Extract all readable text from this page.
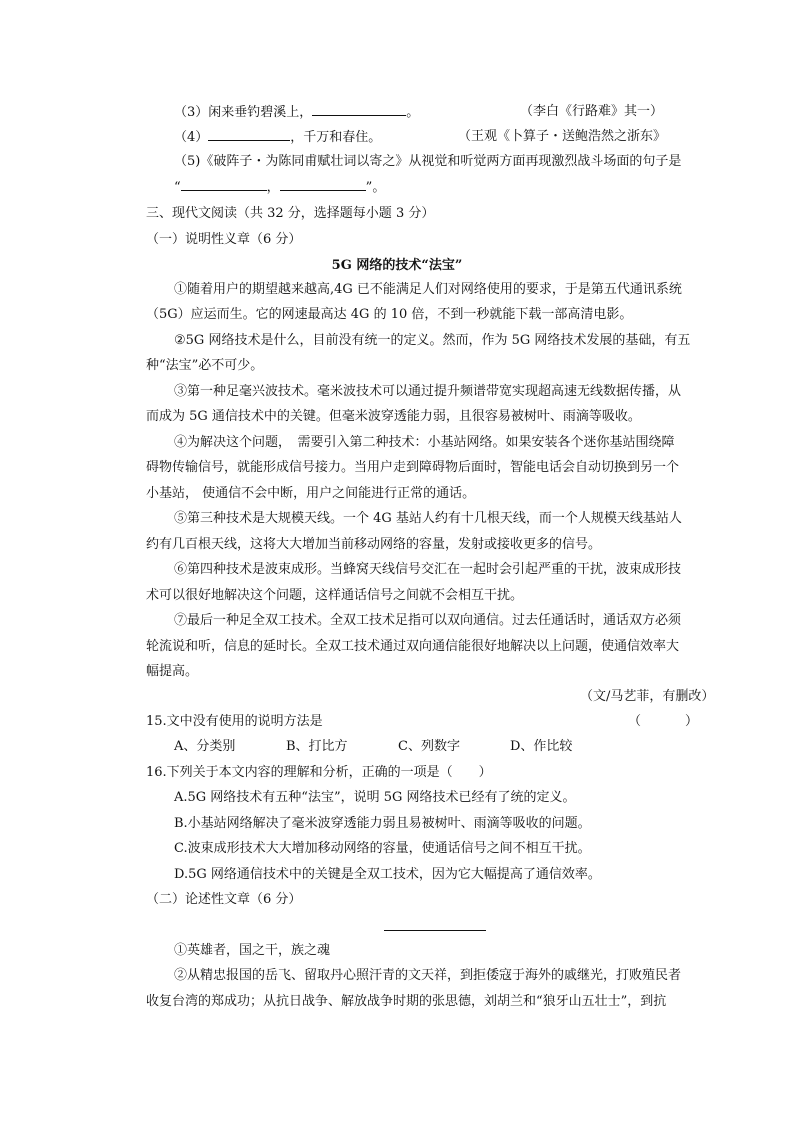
（3）闲来垂钓碧溪上，	。	（李白《行路难》其一）
（4）	，千万和春住。	（王观《卜算子・送鲍浩然之浙东》
（5)《破阵子・为陈同甫赋壮词以寄之》从视觉和听觉两方面再现激烈战斗场面的句子是
“	，	”。
三、现代文阅读（共 32 分，选择题每小题 3 分）
（一）说明性义章（6 分）
5G 网络的技术“法宝”
①随着用户的期望越来越高,4G 已不能满足人们对网络使用的要求，于是第五代通讯系统
（5G）应运而生。它的网速最高达 4G 的 10 倍，不到一秒就能下载一部高清电影。
②5G 网络技术是什么，目前没有统一的定义。然而，作为 5G 网络技术发展的基础，有五
种“法宝”必不可少。
③第一种足毫兴波技术。毫米波技术可以通过提升频谱带宽实现超高速无线数据传播，从
而成为 5G 通信技术中的关键。但毫米波穿透能力弱，且很容易被树叶、雨滴等吸收。
④为解决这个问题，　需要引入第二种技术：小基站网络。如果安装各个迷你基站围绕障
碍物传输信号，就能形成信号接力。当用户走到障碍物后面时，智能电话会自动切换到另一个
小基站， 使通信不会中断，用户之间能进行正常的通话。
⑤第三种技术是大规模天线。一个 4G 基站人约有十几根天线，而一个人规模天线基站人
约有几百根天线，这将大大增加当前移动网络的容量，发射或接收更多的信号。
⑥第四种技术是波束成形。当蜂窝天线信号交汇在一起时会引起严重的干扰，波束成形技
术可以很好地解决这个问题，这样通话信号之间就不会相互干扰。
⑦最后一种足全双工技术。全双工技术足指可以双向通信。过去任通话时，通话双方必须
轮流说和听，信息的延时长。全双工技术通过双向通信能很好地解决以上问题，使通信效率大
幅提高。
（文/马艺菲，有删改）
15.文中没有使用的说明方法是	（	）
A、分类别	B、打比方	C、列数字	D、作比较
16.下列关于本文内容的理解和分析，正确的一项是（　　）
A.5G 网络技术有五种“法宝”，说明 5G 网络技术已经有了统的定义。
B.小基站网络解决了毫米波穿透能力弱且易被树叶、雨滴等吸收的问题。
C.波束成形技术大大增加移动网络的容量，使通话信号之间不相互干扰。
D.5G 网络通信技术中的关键是全双工技术，因为它大幅提高了通信效率。
（二）论述性文章（6 分）
①英雄者，国之干，族之魂
②从精忠报国的岳飞、留取丹心照汗青的文天祥，到拒倭寇于海外的戚继光，打败殖民者
收复台湾的郑成功；从抗日战争、解放战争时期的张思德，刘胡兰和“狼牙山五壮士”，到抗
